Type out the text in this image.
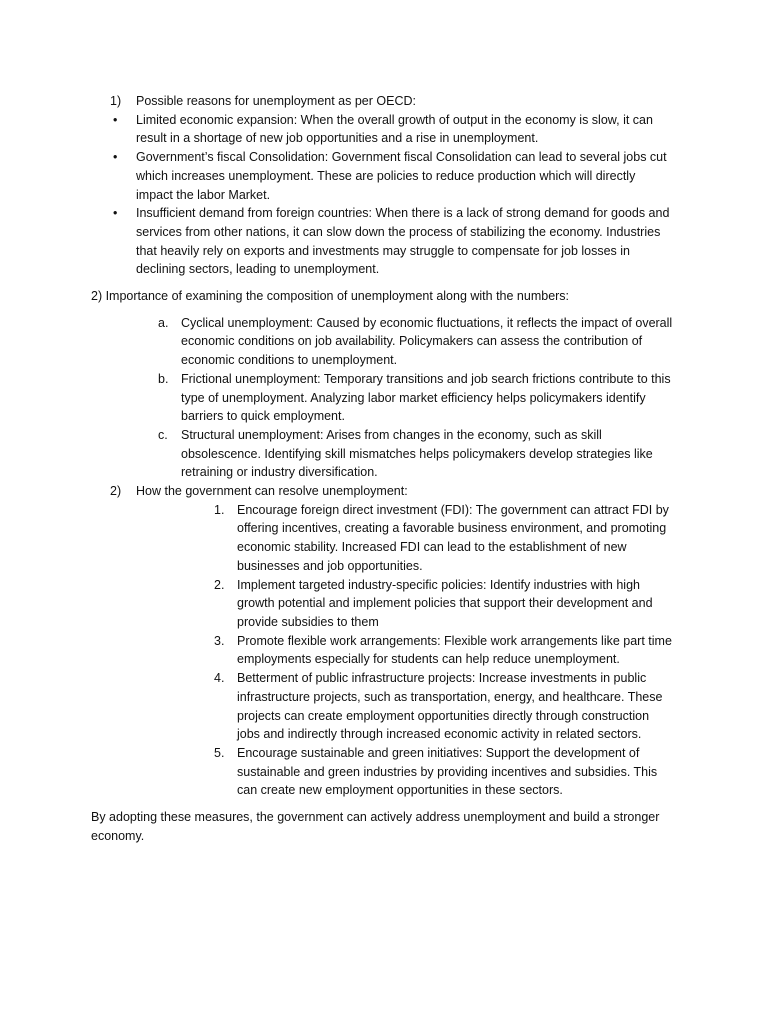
1) Possible reasons for unemployment as per OECD:
• Limited economic expansion: When the overall growth of output in the economy is slow, it can result in a shortage of new job opportunities and a rise in unemployment.
• Government’s fiscal Consolidation: Government fiscal Consolidation can lead to several jobs cut which increases unemployment. These are policies to reduce production which will directly impact the labor Market.
• Insufficient demand from foreign countries: When there is a lack of strong demand for goods and services from other nations, it can slow down the process of stabilizing the economy. Industries that heavily rely on exports and investments may struggle to compensate for job losses in declining sectors, leading to unemployment.
2) Importance of examining the composition of unemployment along with the numbers:
a. Cyclical unemployment: Caused by economic fluctuations, it reflects the impact of overall economic conditions on job availability. Policymakers can assess the contribution of economic conditions to unemployment.
b. Frictional unemployment: Temporary transitions and job search frictions contribute to this type of unemployment. Analyzing labor market efficiency helps policymakers identify barriers to quick employment.
c. Structural unemployment: Arises from changes in the economy, such as skill obsolescence. Identifying skill mismatches helps policymakers develop strategies like retraining or industry diversification.
2) How the government can resolve unemployment:
1. Encourage foreign direct investment (FDI): The government can attract FDI by offering incentives, creating a favorable business environment, and promoting economic stability. Increased FDI can lead to the establishment of new businesses and job opportunities.
2. Implement targeted industry-specific policies: Identify industries with high growth potential and implement policies that support their development and provide subsidies to them
3. Promote flexible work arrangements: Flexible work arrangements like part time employments especially for students can help reduce unemployment.
4. Betterment of public infrastructure projects: Increase investments in public infrastructure projects, such as transportation, energy, and healthcare. These projects can create employment opportunities directly through construction jobs and indirectly through increased economic activity in related sectors.
5. Encourage sustainable and green initiatives: Support the development of sustainable and green industries by providing incentives and subsidies. This can create new employment opportunities in these sectors.
By adopting these measures, the government can actively address unemployment and build a stronger economy.
